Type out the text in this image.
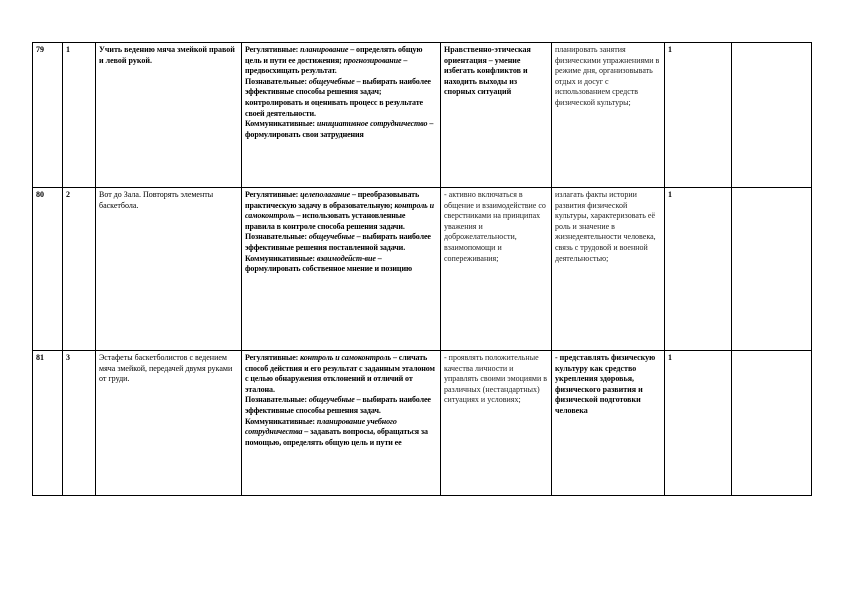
79	1	Учить ведению мяча змейкой правой и левой рукой.	Регулятивные: планирование – определять общую цель и пути ее достижения; прогнозирование – предвосхищать результат.
Познавательные: общеучебные – выбирать наиболее эффективные способы решения задач; контролировать и оценивать процесс в результате своей деятельности.
Коммуникативные: инициативное сотрудничество – формулировать свои затруднения	Нравственно-этическая ориентация – умение избегать конфликтов и находить выходы из спорных ситуаций	планировать занятия физическими упражнениями в режиме дня, организовывать отдых и досуг с использованием средств физической культуры;	1	
80	2	Вот до Зала. Повторять элементы баскетбола.	Регулятивные: целеполагание – преобразовывать практическую задачу в образовательную; контроль и самоконтроль – использовать установленные правила в контроле способа решения задачи.
Познавательные: общеучебные – выбирать наиболее эффективные решения поставленной задачи.
Коммуникативные: взаимодейст-вие – формулировать собственное мнение и позицию	- активно включаться в общение и взаимодействие со сверстниками на принципах уважения и доброжелательности, взаимопомощи и сопереживания;	излагать факты истории развития физической культуры, характеризовать её роль и значение в жизнедеятельности человека, связь с трудовой и военной деятельностью;	1	
81	3	Эстафеты баскетболистов с ведением мяча змейкой, передачей двумя руками от груди.	Регулятивные: контроль и самоконтроль – сличать способ действия и его результат с заданным эталоном с целью обнаружения отклонений и отличий от эталона.
Познавательные: общеучебные – выбирать наиболее эффективные способы решения задач. Коммуникативные: планирование учебного сотрудничества – задавать вопросы, обращаться за помощью, определять общую цель и пути ее	- проявлять положительные качества личности и управлять своими эмоциями в различных (нестандартных) ситуациях и условиях;	- представлять физическую культуру как средство укрепления здоровья, физического развития и физической подготовки человека	1	
